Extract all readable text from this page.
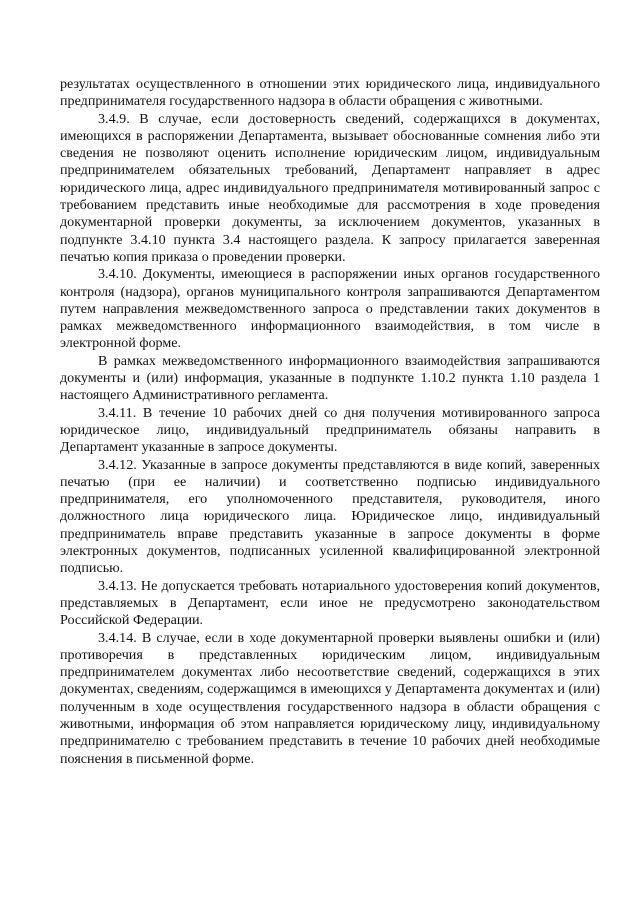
результатах осуществленного в отношении этих юридического лица, индивидуального предпринимателя государственного надзора в области обращения с животными.

3.4.9. В случае, если достоверность сведений, содержащихся в документах, имеющихся в распоряжении Департамента, вызывает обоснованные сомнения либо эти сведения не позволяют оценить исполнение юридическим лицом, индивидуальным предпринимателем обязательных требований, Департамент направляет в адрес юридического лица, адрес индивидуального предпринимателя мотивированный запрос с требованием представить иные необходимые для рассмотрения в ходе проведения документарной проверки документы, за исключением документов, указанных в подпункте 3.4.10 пункта 3.4 настоящего раздела. К запросу прилагается заверенная печатью копия приказа о проведении проверки.

3.4.10. Документы, имеющиеся в распоряжении иных органов государственного контроля (надзора), органов муниципального контроля запрашиваются Департаментом путем направления межведомственного запроса о представлении таких документов в рамках межведомственного информационного взаимодействия, в том числе в электронной форме.

В рамках межведомственного информационного взаимодействия запрашиваются документы и (или) информация, указанные в подпункте 1.10.2 пункта 1.10 раздела 1 настоящего Административного регламента.

3.4.11. В течение 10 рабочих дней со дня получения мотивированного запроса юридическое лицо, индивидуальный предприниматель обязаны направить в Департамент указанные в запросе документы.

3.4.12. Указанные в запросе документы представляются в виде копий, заверенных печатью (при ее наличии) и соответственно подписью индивидуального предпринимателя, его уполномоченного представителя, руководителя, иного должностного лица юридического лица. Юридическое лицо, индивидуальный предприниматель вправе представить указанные в запросе документы в форме электронных документов, подписанных усиленной квалифицированной электронной подписью.

3.4.13. Не допускается требовать нотариального удостоверения копий документов, представляемых в Департамент, если иное не предусмотрено законодательством Российской Федерации.

3.4.14. В случае, если в ходе документарной проверки выявлены ошибки и (или) противоречия в представленных юридическим лицом, индивидуальным предпринимателем документах либо несоответствие сведений, содержащихся в этих документах, сведениям, содержащимся в имеющихся у Департамента документах и (или) полученным в ходе осуществления государственного надзора в области обращения с животными, информация об этом направляется юридическому лицу, индивидуальному предпринимателю с требованием представить в течение 10 рабочих дней необходимые пояснения в письменной форме.
